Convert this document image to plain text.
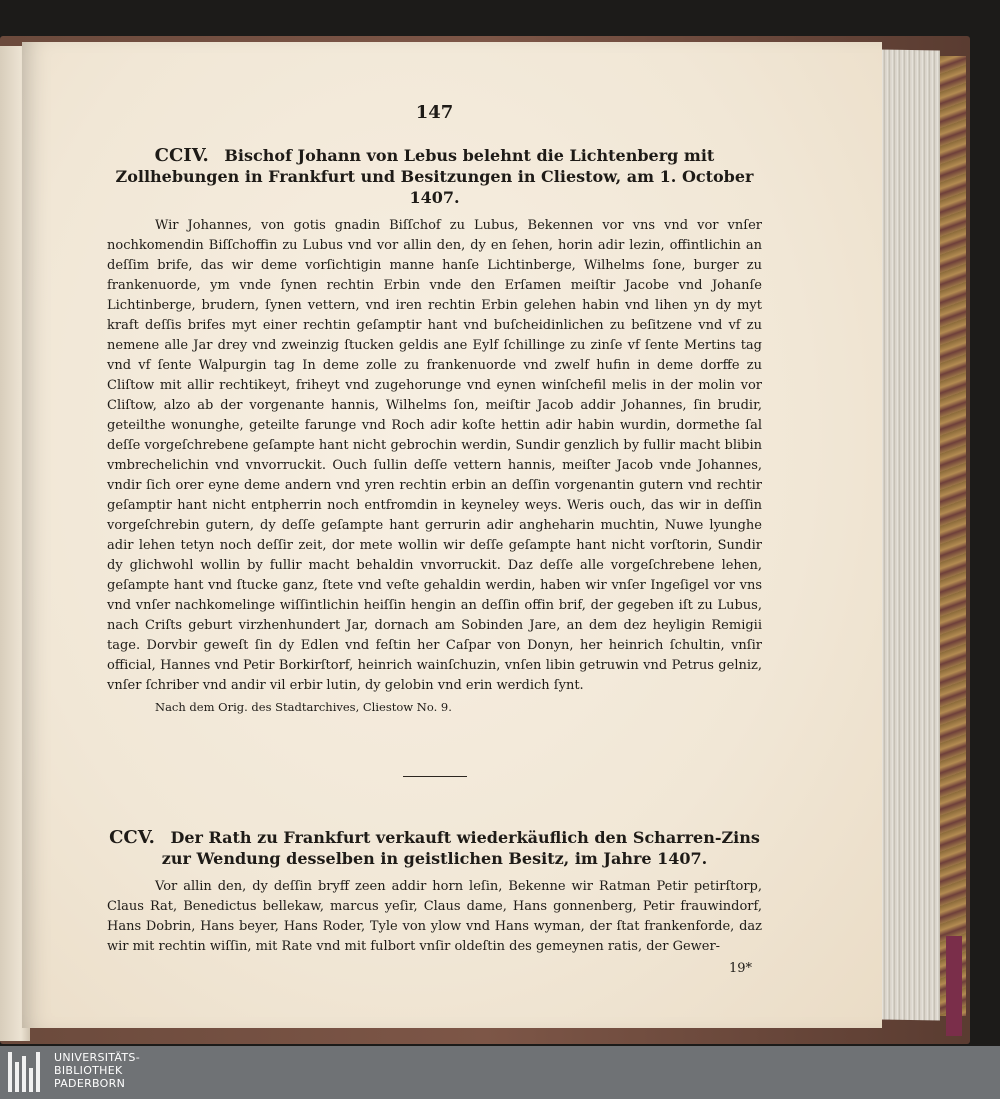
147
CCIV. Bischof Johann von Lebus belehnt die Lichtenberg mit Zollhebungen in Frankfurt und Besitzungen in Cliestow, am 1. October 1407.

Wir Johannes, von gotis gnadin Biſſchof zu Lubus, Bekennen vor vns vnd vor vnſer nochkomendin Biſſchoffin zu Lubus vnd vor allin den, dy en ſehen, horin adir lezin, offintlichin an deſſim brife, das wir deme vorſichtigin manne hanſe Lichtinberge, Wilhelms ſone, burger zu frankenuorde, ym vnde ſynen rechtin Erbin vnde den Erſamen meiſtir Jacobe vnd Johanſe Lichtinberge, brudern, ſynen vettern, vnd iren rechtin Erbin gelehen habin vnd lihen yn dy myt kraft deſſis brifes myt einer rechtin geſamptir hant vnd buſcheidinlichen zu beſitzene vnd vf zu nemene alle Jar drey vnd zweinzig ſtucken geldis ane Eylf ſchillinge zu zinſe vf ſente Mertins tag vnd vf ſente Walpurgin tag In deme zolle zu frankenuorde vnd zwelf hufin in deme dorffe zu Cliſtow mit allir rechtikeyt, friheyt vnd zugehorunge vnd eynen winſchefil melis in der molin vor Cliſtow, alzo ab der vorgenante hannis, Wilhelms ſon, meiſtir Jacob addir Johannes, ſin brudir, geteilthe wonunghe, geteilte farunge vnd Roch adir koſte hettin adir habin wurdin, dormethe ſal deſſe vorgeſchrebene geſampte hant nicht gebrochin werdin, Sundir genzlich by fullir macht blibin vmbrechelichin vnd vnvorruckit. Ouch ſullin deſſe vettern hannis, meiſter Jacob vnde Johannes, vndir ſich orer eyne deme andern vnd yren rechtin erbin an deſſin vorgenantin gutern vnd rechtir geſamptir hant nicht entpherrin noch entfromdin in keyneley weys. Weris ouch, das wir in deſſin vorgeſchrebin gutern, dy deſſe geſampte hant gerrurin adir angheharin muchtin, Nuwe lyunghe adir lehen tetyn noch deſſir zeit, dor mete wollin wir deſſe geſampte hant nicht vorſtorin, Sundir dy glichwohl wollin by fullir macht behaldin vnvorruckit. Daz deſſe alle vorgeſchrebene lehen, geſampte hant vnd ſtucke ganz, ſtete vnd veſte gehaldin werdin, haben wir vnſer Ingeſigel vor vns vnd vnſer nachkomelinge wiſſintlichin heiſſin hengin an deſſin offin brif, der gegeben iſt zu Lubus, nach Criſts geburt virzhenhundert Jar, dornach am Sobinden Jare, an dem dez heyligin Remigii tage. Dorvbir geweſt ſin dy Edlen vnd feſtin her Caſpar von Donyn, her heinrich ſchultin, vnſir official, Hannes vnd Petir Borkirſtorf, heinrich wainſchuzin, vnſen libin getruwin vnd Petrus gelniz, vnſer ſchriber vnd andir vil erbir lutin, dy gelobin vnd erin werdich ſynt.

Nach dem Orig. des Stadtarchives, Cliestow No. 9.
CCV. Der Rath zu Frankfurt verkauft wiederkäuflich den Scharren-Zins zur Wendung desselben in geistlichen Besitz, im Jahre 1407.

Vor allin den, dy deſſin bryff zeen addir horn leſin, Bekenne wir Ratman Petir petirſtorp, Claus Rat, Benedictus bellekaw, marcus yeſir, Claus dame, Hans gonnenberg, Petir frauwindorf, Hans Dobrin, Hans beyer, Hans Roder, Tyle von ylow vnd Hans wyman, der ſtat frankenforde, daz wir mit rechtin wiſſin, mit Rate vnd mit fulbort vnſir oldeſtin des gemeynen ratis, der Gewer-

19*
UNIVERSITÄTS-
BIBLIOTHEK
PADERBORN
